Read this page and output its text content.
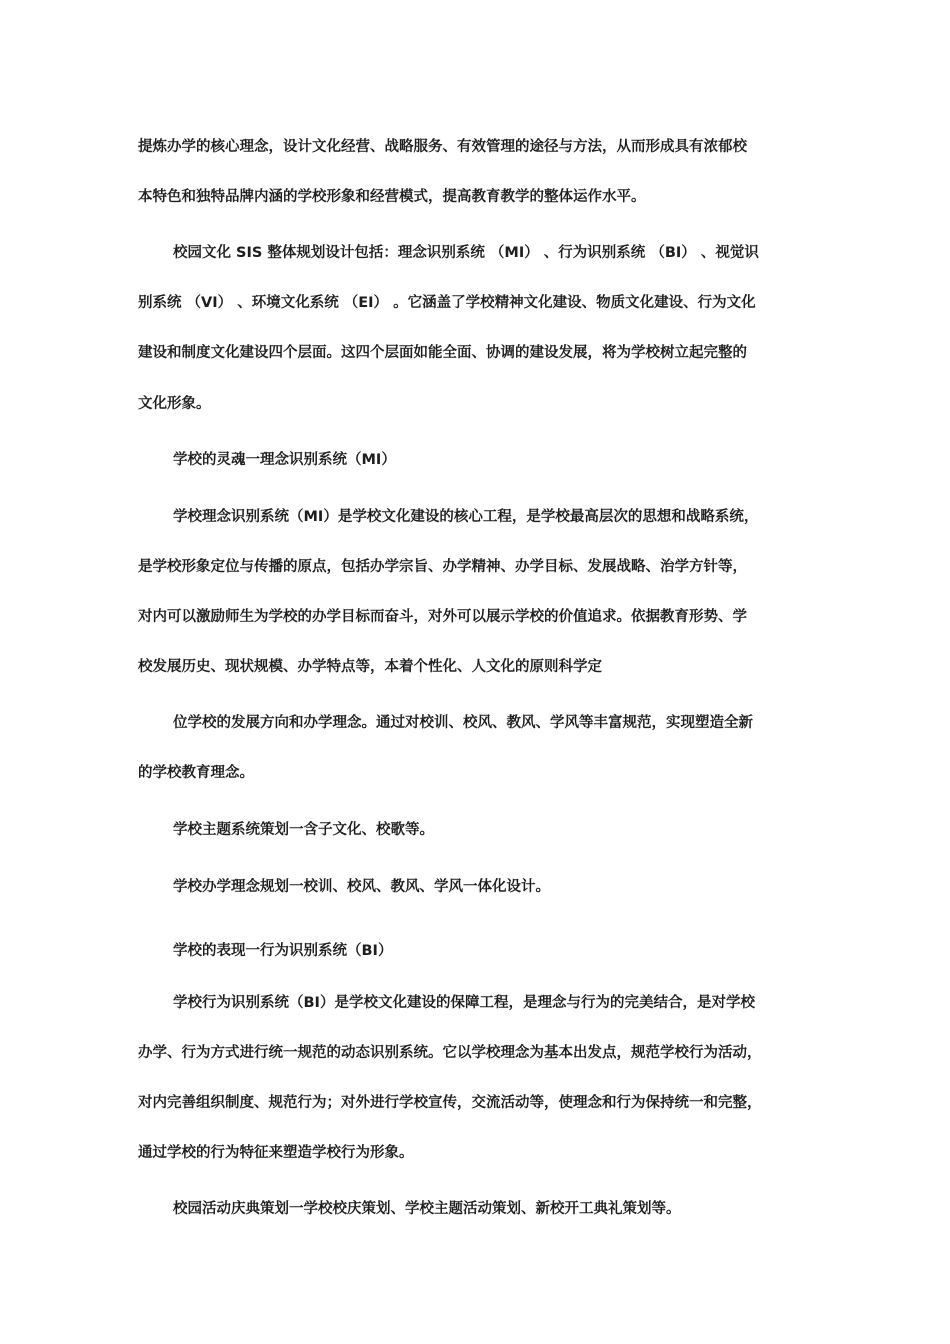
提炼办学的核心理念，设计文化经营、战略服务、有效管理的途径与方法，从而形成具有浓郁校
本特色和独特品牌内涵的学校形象和经营模式，提高教育教学的整体运作水平。
校园文化 SIS 整体规划设计包括：理念识别系统 （MI） 、行为识别系统 （BI） 、视觉识
别系统 （VI） 、环境文化系统 （EI） 。它涵盖了学校精神文化建设、物质文化建设、行为文化
建设和制度文化建设四个层面。这四个层面如能全面、协调的建设发展，将为学校树立起完整的
文化形象。
学校的灵魂一理念识别系统（MI）
学校理念识别系统（MI）是学校文化建设的核心工程，是学校最高层次的思想和战略系统，
是学校形象定位与传播的原点，包括办学宗旨、办学精神、办学目标、发展战略、治学方针等，
对内可以激励师生为学校的办学目标而奋斗，对外可以展示学校的价值追求。依据教育形势、学
校发展历史、现状规模、办学特点等，本着个性化、人文化的原则科学定
位学校的发展方向和办学理念。通过对校训、校风、教风、学风等丰富规范，实现塑造全新
的学校教育理念。
学校主题系统策划一含子文化、校歌等。
学校办学理念规划一校训、校风、教风、学风一体化设计。
学校的表现一行为识别系统（BI）
学校行为识别系统（BI）是学校文化建设的保障工程，是理念与行为的完美结合，是对学校
办学、行为方式进行统一规范的动态识别系统。它以学校理念为基本出发点，规范学校行为活动，
对内完善组织制度、规范行为；对外进行学校宣传，交流活动等，使理念和行为保持统一和完整，
通过学校的行为特征来塑造学校行为形象。
校园活动庆典策划一学校校庆策划、学校主题活动策划、新校开工典礼策划等。
